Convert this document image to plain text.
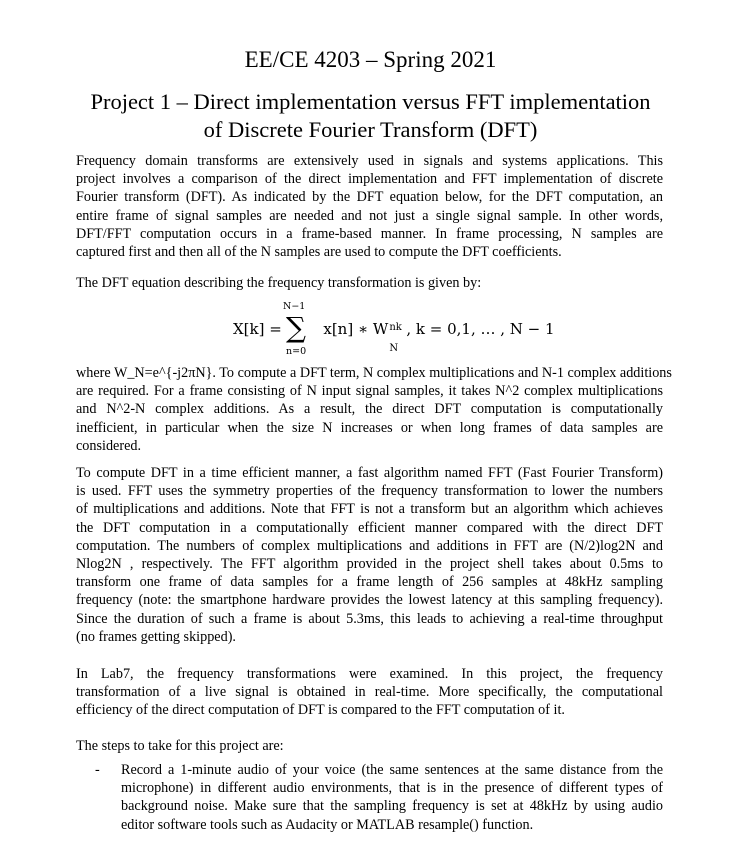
EE/CE 4203 – Spring 2021
Project 1 – Direct implementation versus FFT implementation
of Discrete Fourier Transform (DFT)
Frequency domain transforms are extensively used in signals and systems applications. This
project involves a comparison of the direct implementation and FFT implementation of discrete
Fourier transform (DFT). As indicated by the DFT equation below, for the DFT computation, an
entire frame of signal samples are needed and not just a single signal sample. In other words,
DFT/FFT computation occurs in a frame-based manner. In frame processing, N samples are
captured first and then all of the N samples are used to compute the DFT coefficients.
The DFT equation describing the frequency transformation is given by:
N−1
∑
n=0
X[k] =	x[n] ∗ W nk
N
, k = 0,1, … , N − 1
where W_N=e^{-j2πN}. To compute a DFT term, N complex multiplications and N-1 complex additions
are required. For a frame consisting of N input signal samples, it takes N^2 complex multiplications
and N^2-N complex additions. As a result, the direct DFT computation is computationally
inefficient, in particular when the size N increases or when long frames of data samples are
considered.
To compute DFT in a time efficient manner, a fast algorithm named FFT (Fast Fourier Transform)
is used. FFT uses the symmetry properties of the frequency transformation to lower the numbers
of multiplications and additions. Note that FFT is not a transform but an algorithm which achieves
the DFT computation in a computationally efficient manner compared with the direct DFT
computation. The numbers of complex multiplications and additions in FFT are (N/2)log2N and
Nlog2N , respectively. The FFT algorithm provided in the project shell takes about 0.5ms to
transform one frame of data samples for a frame length of 256 samples at 48kHz sampling
frequency (note: the smartphone hardware provides the lowest latency at this sampling frequency).
Since the duration of such a frame is about 5.3ms, this leads to achieving a real-time throughput
(no frames getting skipped).
In Lab7, the frequency transformations were examined. In this project, the frequency
transformation of a live signal is obtained in real-time. More specifically, the computational
efficiency of the direct computation of DFT is compared to the FFT computation of it.
The steps to take for this project are:
- Record a 1-minute audio of your voice (the same sentences at the same distance from the
microphone) in different audio environments, that is in the presence of different types of
background noise. Make sure that the sampling frequency is set at 48kHz by using audio
editor software tools such as Audacity or MATLAB resample() function.
